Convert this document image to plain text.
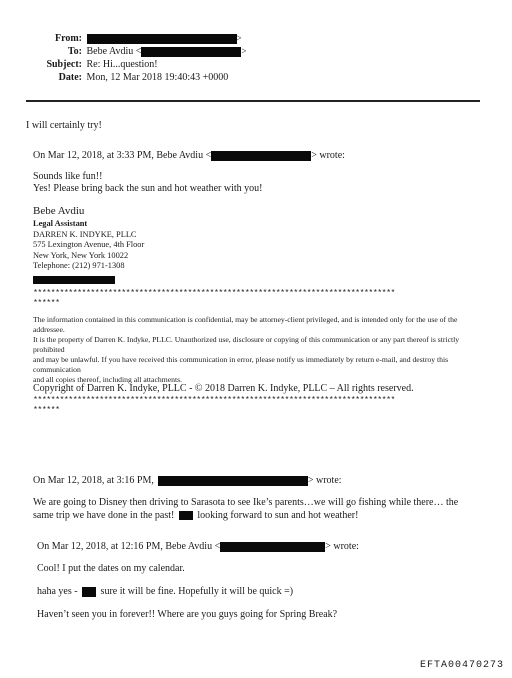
From:	>
To: Bebe Avdiu <	>
Subject: Re: Hi...question!
Date: Mon, 12 Mar 2018 19:40:43 +0000
I will certainly try!
On Mar 12, 2018, at 3:33 PM, Bebe Avdiu <	> wrote:
Sounds like fun!!
Yes! Please bring back the sun and hot weather with you!
Bebe Avdiu
Legal Assistant
DARREN K. INDYKE, PLLC
575 Lexington Avenue, 4th Floor
New York, New York 10022
Telephone: (212) 971-1308
**********************************************************************************
******
The information contained in this communication is confidential, may be attorney-client privileged, and is intended only for the use of the
addressee.
It is the property of Darren K. Indyke, PLLC. Unauthorized use, disclosure or copying of this communication or any part thereof is strictly
prohibited
and may be unlawful. If you have received this communication in error, please notify us immediately by return e-mail, and destroy this
communication
and all copies thereof, including all attachments.
Copyright of Darren K. Indyke, PLLC - © 2018 Darren K. Indyke, PLLC – All rights reserved.
**********************************************************************************
******
On Mar 12, 2018, at 3:16 PM,	> wrote:
We are going to Disney then driving to Sarasota to see Ike’s parents…we will go fishing while there… the
same trip we have done in the past! looking forward to sun and hot weather!
On Mar 12, 2018, at 12:16 PM, Bebe Avdiu <	> wrote:
Cool! I put the dates on my calendar.
haha yes - sure it will be fine. Hopefully it will be quick =)
Haven’t seen you in forever!! Where are you guys going for Spring Break?
EFTA00470273
